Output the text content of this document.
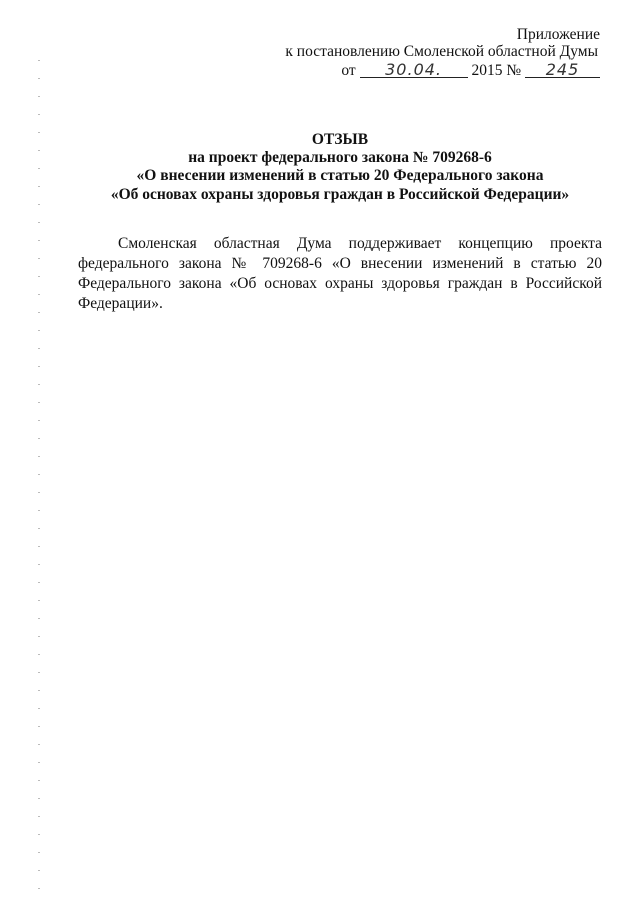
Приложение
к постановлению Смоленской областной Думы
от 30.04. 2015 № 245
ОТЗЫВ
на проект федерального закона № 709268-6
«О внесении изменений в статью 20 Федерального закона
«Об основах охраны здоровья граждан в Российской Федерации»
Смоленская областная Дума поддерживает концепцию проекта
федерального закона № 709268-6 «О внесении изменений в статью 20
Федерального закона «Об основах охраны здоровья граждан в Российской
Федерации».
